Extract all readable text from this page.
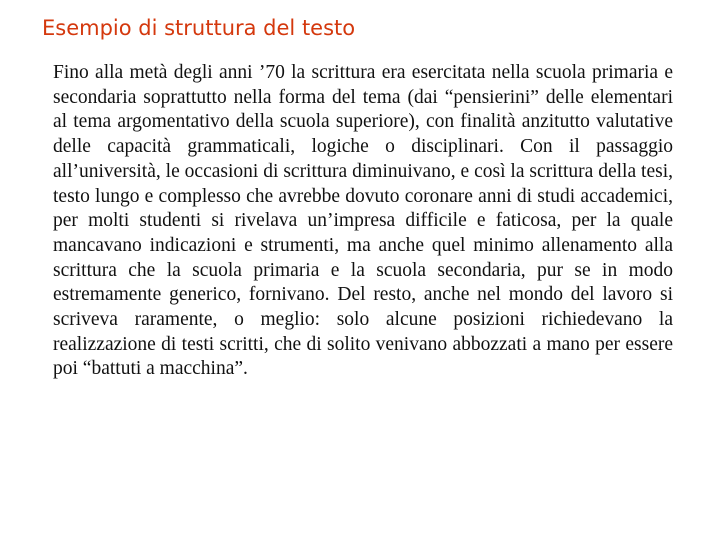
Esempio di struttura del testo

Fino alla metà degli anni ’70 la scrittura era esercitata nella scuola primaria e secondaria soprattutto nella forma del tema (dai “pensierini” delle elementari al tema argomentativo della scuola superiore), con finalità anzitutto valutative delle capacità grammaticali, logiche o disciplinari. Con il passaggio all’università, le occasioni di scrittura diminuivano, e così la scrittura della tesi, testo lungo e complesso che avrebbe dovuto coronare anni di studi accademici, per molti studenti si rivelava un’impresa difficile e faticosa, per la quale mancavano indicazioni e strumenti, ma anche quel minimo allenamento alla scrittura che la scuola primaria e la scuola secondaria, pur se in modo estremamente generico, fornivano. Del resto, anche nel mondo del lavoro si scriveva raramente, o meglio: solo alcune posizioni richiedevano la realizzazione di testi scritti, che di solito venivano abbozzati a mano per essere poi “battuti a macchina”.
